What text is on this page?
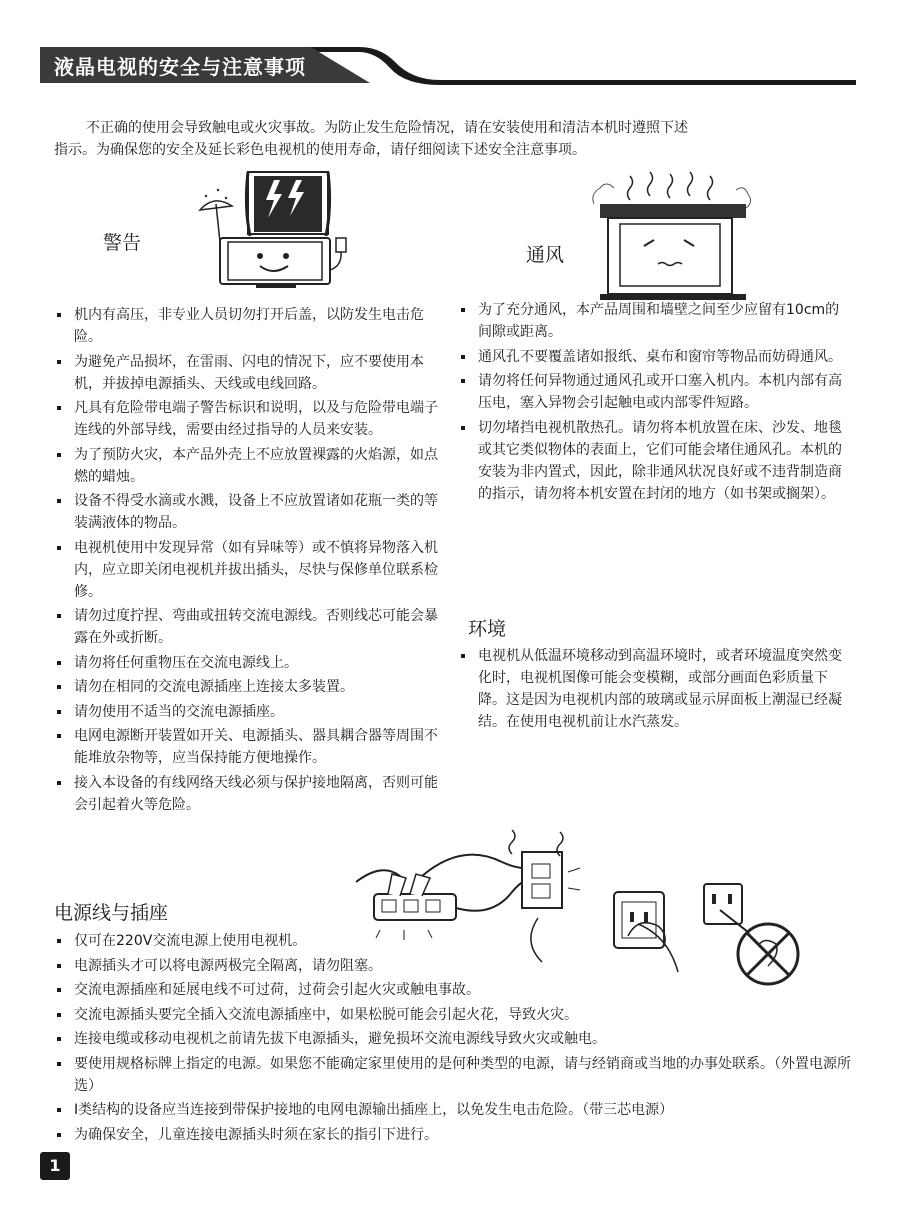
液晶电视的安全与注意事项

不正确的使用会导致触电或火灾事故。为防止发生危险情况，请在安装使用和清洁本机时遵照下述

指示。为确保您的安全及延长彩色电视机的使用寿命，请仔细阅读下述安全注意事项。

警告
通风
机内有高压，非专业人员切勿打开后盖，以防发生电击危险。
为避免产品损坏，在雷雨、闪电的情况下，应不要使用本机，并拔掉电源插头、天线或电线回路。
凡具有危险带电端子警告标识和说明，以及与危险带电端子连线的外部导线，需要由经过指导的人员来安装。
为了预防火灾，本产品外壳上不应放置裸露的火焰源，如点燃的蜡烛。
设备不得受水滴或水溅，设备上不应放置诸如花瓶一类的等装满液体的物品。
电视机使用中发现异常（如有异味等）或不慎将异物落入机内，应立即关闭电视机并拔出插头，尽快与保修单位联系检修。
请勿过度拧捏、弯曲或扭转交流电源线。否则线芯可能会暴露在外或折断。
请勿将任何重物压在交流电源线上。
请勿在相同的交流电源插座上连接太多装置。
请勿使用不适当的交流电源插座。
电网电源断开装置如开关、电源插头、器具耦合器等周围不能堆放杂物等，应当保持能方便地操作。
接入本设备的有线网络天线必须与保护接地隔离，否则可能会引起着火等危险。
为了充分通风，本产品周围和墙壁之间至少应留有10cm的间隙或距离。
通风孔不要覆盖诸如报纸、桌布和窗帘等物品而妨碍通风。
请勿将任何异物通过通风孔或开口塞入机内。本机内部有高压电，塞入异物会引起触电或内部零件短路。
切勿堵挡电视机散热孔。请勿将本机放置在床、沙发、地毯或其它类似物体的表面上，它们可能会堵住通风孔。本机的安装为非内置式，因此，除非通风状况良好或不违背制造商的指示，请勿将本机安置在封闭的地方（如书架或搁架）。
环境
电视机从低温环境移动到高温环境时，或者环境温度突然变化时，电视机图像可能会变模糊，或部分画面色彩质量下降。这是因为电视机内部的玻璃或显示屏面板上潮湿已经凝结。在使用电视机前让水汽蒸发。
电源线与插座
仅可在220V交流电源上使用电视机。
电源插头才可以将电源两极完全隔离，请勿阻塞。
交流电源插座和延展电线不可过荷，过荷会引起火灾或触电事故。
交流电源插头要完全插入交流电源插座中，如果松脱可能会引起火花，导致火灾。
连接电缆或移动电视机之前请先拔下电源插头，避免损坏交流电源线导致火灾或触电。
要使用规格标牌上指定的电源。如果您不能确定家里使用的是何种类型的电源，请与经销商或当地的办事处联系。（外置电源所选）
Ⅰ类结构的设备应当连接到带保护接地的电网电源输出插座上，以免发生电击危险。（带三芯电源）
为确保安全，儿童连接电源插头时须在家长的指引下进行。
1
